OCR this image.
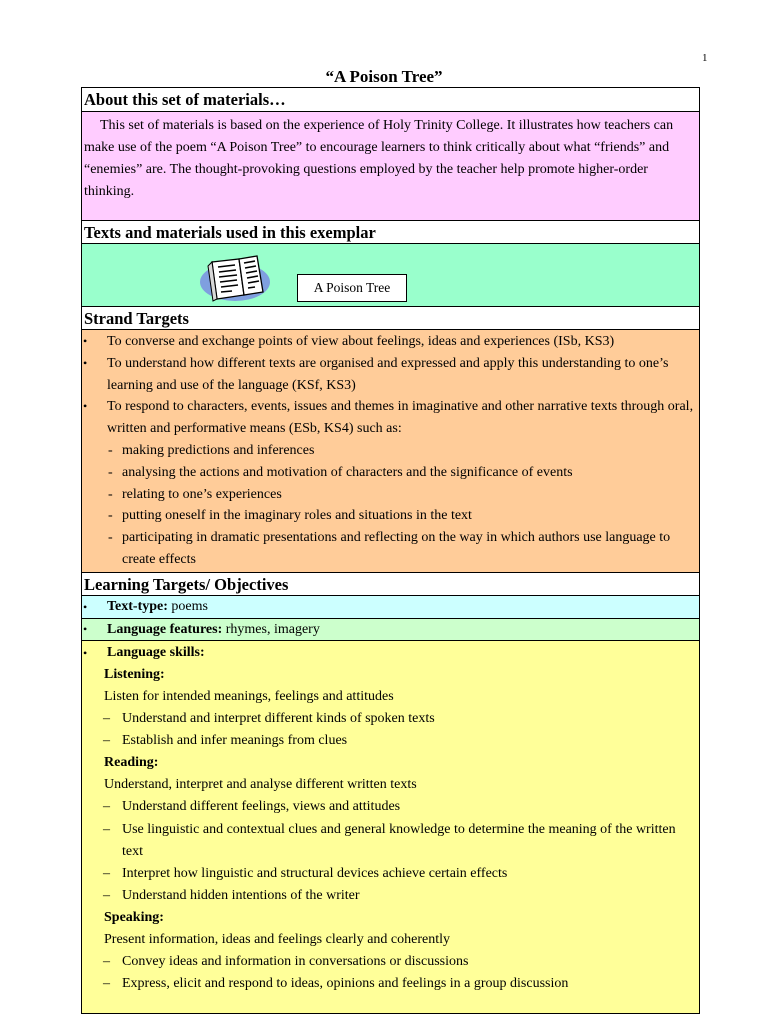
1
“A Poison Tree”
About this set of materials…

This set of materials is based on the experience of Holy Trinity College. It illustrates how teachers can make use of the poem “A Poison Tree” to encourage learners to think critically about what “friends” and “enemies” are. The thought-provoking questions employed by the teacher help promote higher-order thinking.

Texts and materials used in this exemplar
A Poison Tree
Strand Targets
• To converse and exchange points of view about feelings, ideas and experiences (ISb, KS3)
• To understand how different texts are organised and expressed and apply this understanding to one’s learning and use of the language (KSf, KS3)
• To respond to characters, events, issues and themes in imaginative and other narrative texts through oral, written and performative means (ESb, KS4) such as:
- making predictions and inferences
- analysing the actions and motivation of characters and the significance of events
- relating to one’s experiences
- putting oneself in the imaginary roles and situations in the text
- participating in dramatic presentations and reflecting on the way in which authors use language to create effects
Learning Targets/ Objectives
• Text-type: poems
• Language features: rhymes, imagery
• Language skills:
Listening:
Listen for intended meanings, feelings and attitudes
– Understand and interpret different kinds of spoken texts
– Establish and infer meanings from clues
Reading:
Understand, interpret and analyse different written texts
– Understand different feelings, views and attitudes
– Use linguistic and contextual clues and general knowledge to determine the meaning of the written text
– Interpret how linguistic and structural devices achieve certain effects
– Understand hidden intentions of the writer
Speaking:
Present information, ideas and feelings clearly and coherently
– Convey ideas and information in conversations or discussions
– Express, elicit and respond to ideas, opinions and feelings in a group discussion
